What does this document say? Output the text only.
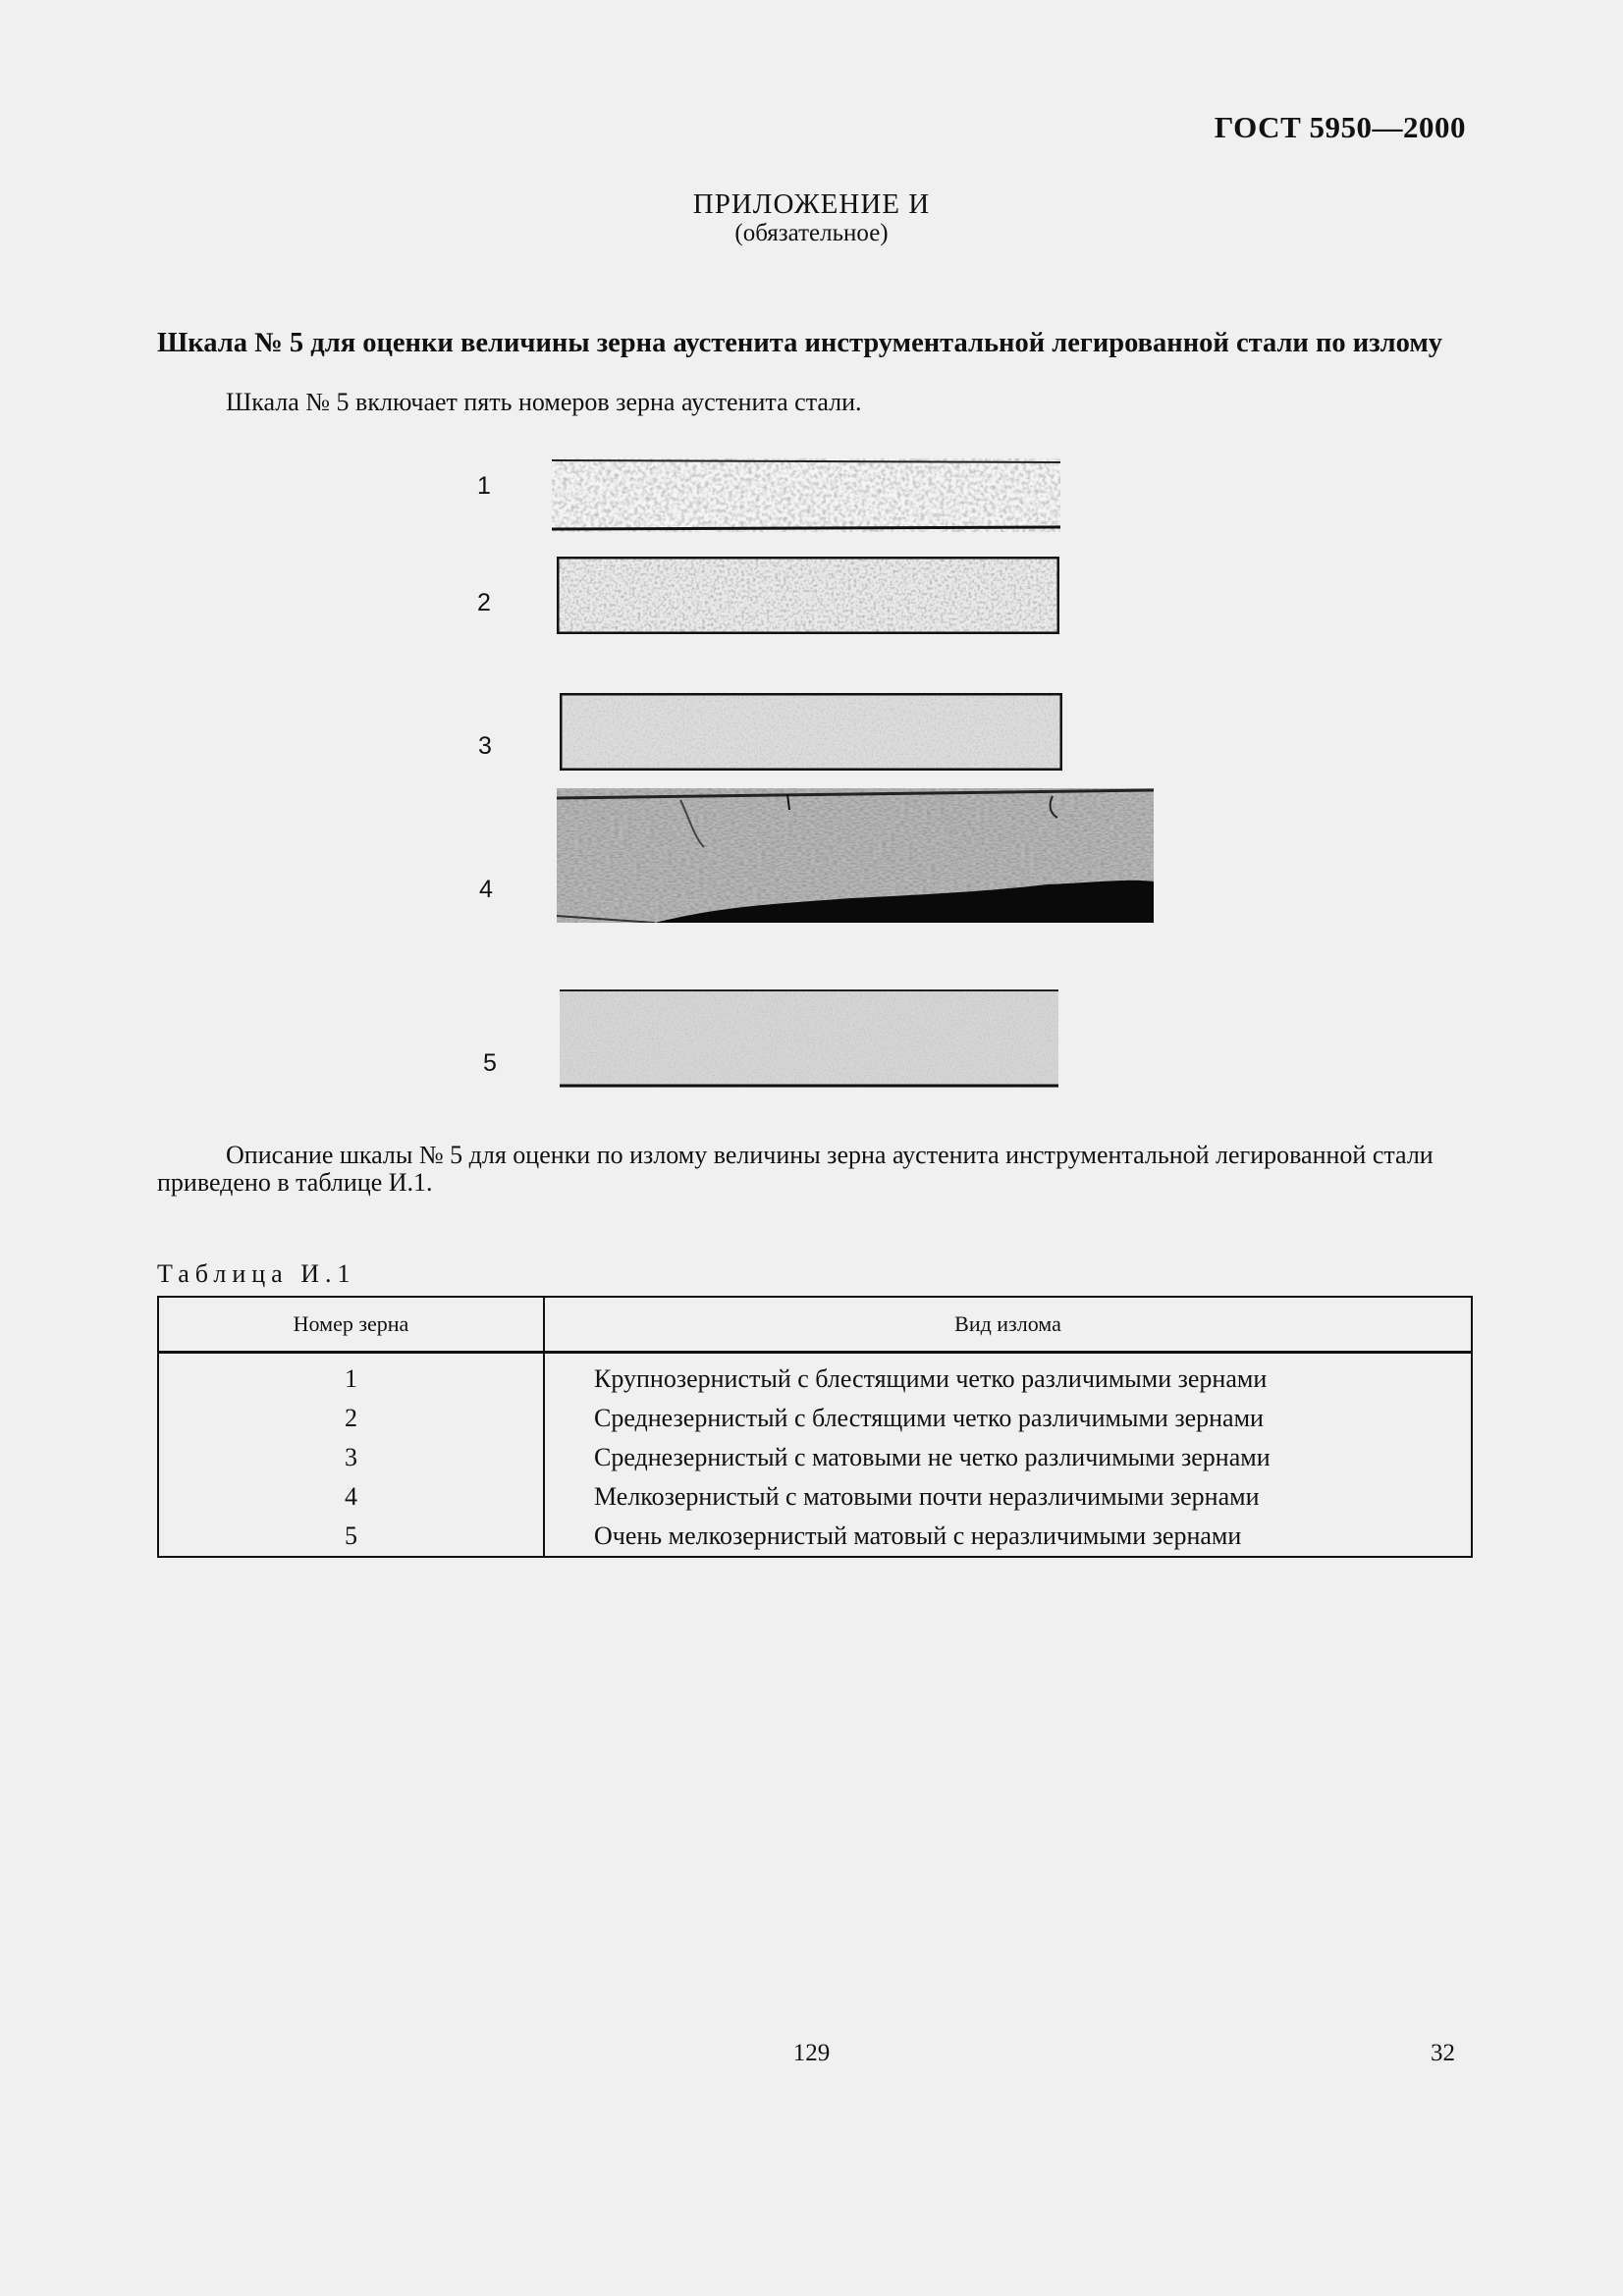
ГОСТ 5950—2000
ПРИЛОЖЕНИЕ И
(обязательное)
Шкала № 5 для оценки величины зерна аустенита инструментальной легированной стали по излому
Шкала № 5 включает пять номеров зерна аустенита стали.
1
2
3
4
5
Описание шкалы № 5 для оценки по излому величины зерна аустенита инструментальной легированной стали приведено в таблице И.1.
Таблица И.1
Номер зерна	Вид излома
1	Крупнозернистый с блестящими четко различимыми зернами
2	Среднезернистый с блестящими четко различимыми зернами
3	Среднезернистый с матовыми не четко различимыми зернами
4	Мелкозернистый с матовыми почти неразличимыми зернами
5	Очень мелкозернистый матовый с неразличимыми зернами
129	32
